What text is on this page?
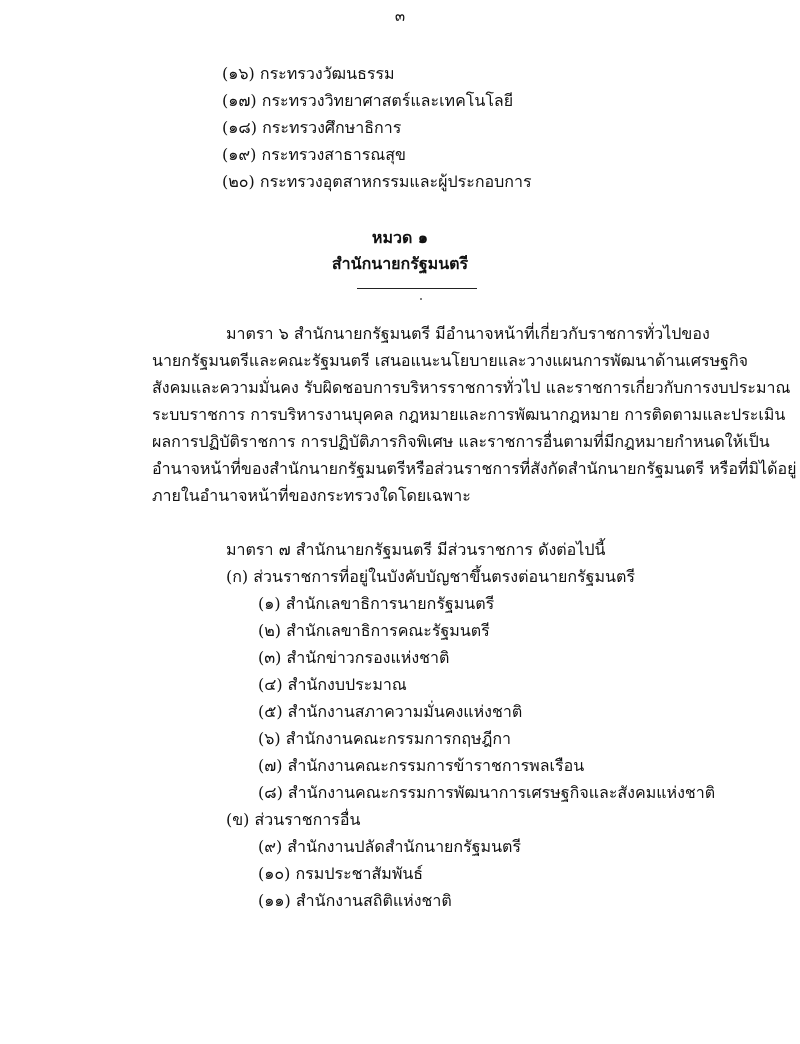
๓

(๑๖) กระทรวงวัฒนธรรม

(๑๗) กระทรวงวิทยาศาสตร์และเทคโนโลยี

(๑๘) กระทรวงศึกษาธิการ

(๑๙) กระทรวงสาธารณสุข

(๒๐) กระทรวงอุตสาหกรรมและผู้ประกอบการ

หมวด ๑

สำนักนายกรัฐมนตรี

มาตรา ๖ สำนักนายกรัฐมนตรี มีอำนาจหน้าที่เกี่ยวกับราชการทั่วไปของ

นายกรัฐมนตรีและคณะรัฐมนตรี เสนอแนะนโยบายและวางแผนการพัฒนาด้านเศรษฐกิจ

สังคมและความมั่นคง รับผิดชอบการบริหารราชการทั่วไป และราชการเกี่ยวกับการงบประมาณ

ระบบราชการ การบริหารงานบุคคล กฎหมายและการพัฒนากฎหมาย การติดตามและประเมิน

ผลการปฏิบัติราชการ การปฏิบัติภารกิจพิเศษ และราชการอื่นตามที่มีกฎหมายกำหนดให้เป็น

อำนาจหน้าที่ของสำนักนายกรัฐมนตรีหรือส่วนราชการที่สังกัดสำนักนายกรัฐมนตรี หรือที่มิได้อยู่

ภายในอำนาจหน้าที่ของกระทรวงใดโดยเฉพาะ

มาตรา ๗ สำนักนายกรัฐมนตรี มีส่วนราชการ ดังต่อไปนี้

(ก) ส่วนราชการที่อยู่ในบังคับบัญชาขึ้นตรงต่อนายกรัฐมนตรี

(๑) สำนักเลขาธิการนายกรัฐมนตรี

(๒) สำนักเลขาธิการคณะรัฐมนตรี

(๓) สำนักข่าวกรองแห่งชาติ

(๔) สำนักงบประมาณ

(๕) สำนักงานสภาความมั่นคงแห่งชาติ

(๖) สำนักงานคณะกรรมการกฤษฎีกา

(๗) สำนักงานคณะกรรมการข้าราชการพลเรือน

(๘) สำนักงานคณะกรรมการพัฒนาการเศรษฐกิจและสังคมแห่งชาติ

(ข) ส่วนราชการอื่น

(๙) สำนักงานปลัดสำนักนายกรัฐมนตรี

(๑๐) กรมประชาสัมพันธ์

(๑๑) สำนักงานสถิติแห่งชาติ
